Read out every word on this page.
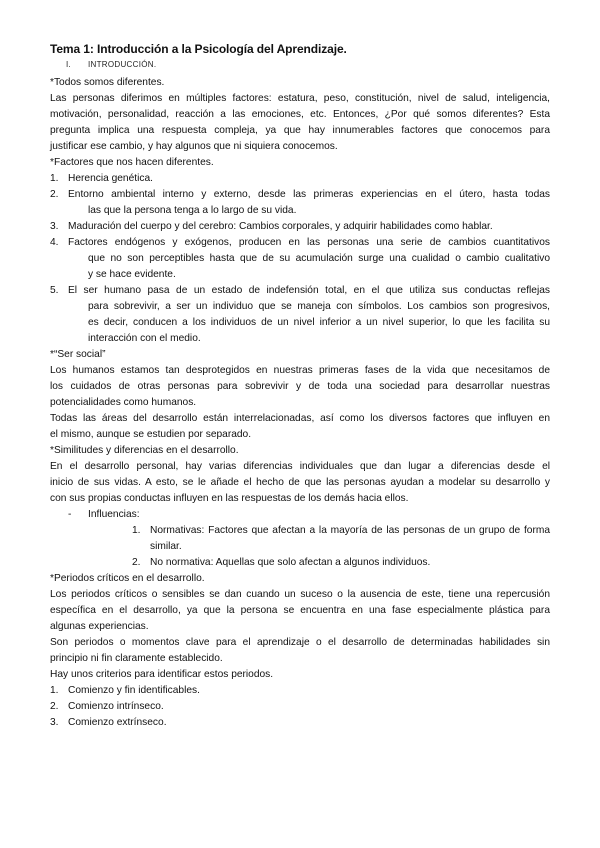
Tema 1: Introducción a la Psicología del Aprendizaje.
I. INTRODUCCIÓN.
*Todos somos diferentes.
Las personas diferimos en múltiples factores: estatura, peso, constitución, nivel de salud, inteligencia,
motivación, personalidad, reacción a las emociones, etc. Entonces, ¿Por qué somos diferentes? Esta
pregunta implica una respuesta compleja, ya que hay innumerables factores que conocemos para
justificar ese cambio, y hay algunos que ni siquiera conocemos.
*Factores que nos hacen diferentes.
1. Herencia genética.
2. Entorno ambiental interno y externo, desde las primeras experiencias en el útero, hasta todas
las que la persona tenga a lo largo de su vida.
3. Maduración del cuerpo y del cerebro: Cambios corporales, y adquirir habilidades como hablar.
4. Factores endógenos y exógenos, producen en las personas una serie de cambios cuantitativos
que no son perceptibles hasta que de su acumulación surge una cualidad o cambio cualitativo
y se hace evidente.
5. El ser humano pasa de un estado de indefensión total, en el que utiliza sus conductas reflejas
para sobrevivir, a ser un individuo que se maneja con símbolos. Los cambios son progresivos,
es decir, conducen a los individuos de un nivel inferior a un nivel superior, lo que les facilita su
interacción con el medio.
*“Ser social”
Los humanos estamos tan desprotegidos en nuestras primeras fases de la vida que necesitamos de
los cuidados de otras personas para sobrevivir y de toda una sociedad para desarrollar nuestras
potencialidades como humanos.
Todas las áreas del desarrollo están interrelacionadas, así como los diversos factores que influyen en
el mismo, aunque se estudien por separado.
*Similitudes y diferencias en el desarrollo.
En el desarrollo personal, hay varias diferencias individuales que dan lugar a diferencias desde el
inicio de sus vidas. A esto, se le añade el hecho de que las personas ayudan a modelar su desarrollo y
con sus propias conductas influyen en las respuestas de los demás hacia ellos.
- Influencias:
1. Normativas: Factores que afectan a la mayoría de las personas de un grupo de forma
similar.
2. No normativa: Aquellas que solo afectan a algunos individuos.
*Periodos críticos en el desarrollo.
Los periodos críticos o sensibles se dan cuando un suceso o la ausencia de este, tiene una repercusión
específica en el desarrollo, ya que la persona se encuentra en una fase especialmente plástica para
algunas experiencias.
Son periodos o momentos clave para el aprendizaje o el desarrollo de determinadas habilidades sin
principio ni fin claramente establecido.
Hay unos criterios para identificar estos periodos.
1. Comienzo y fin identificables.
2. Comienzo intrínseco.
3. Comienzo extrínseco.
